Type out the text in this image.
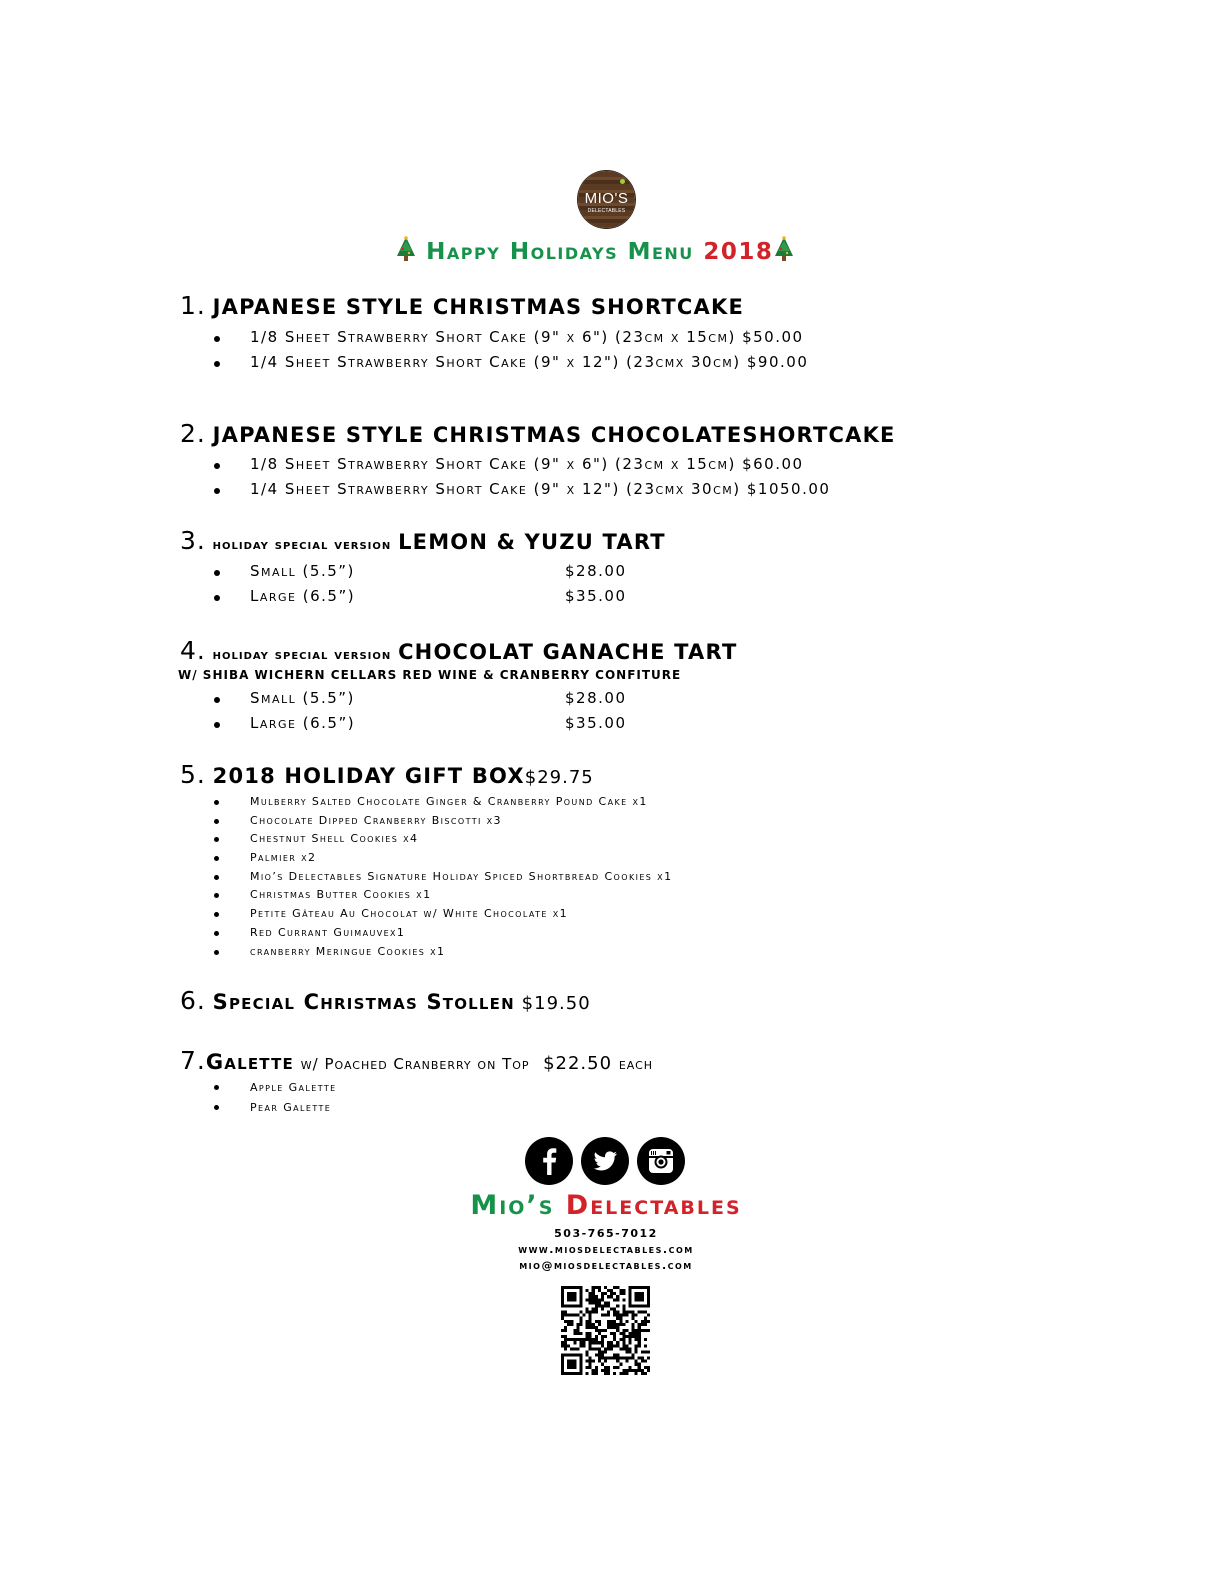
MIO'S
DELECTABLES
Happy Holidays Menu 2018
1. JAPANESE STYLE CHRISTMAS SHORTCAKE
1/8 Sheet Strawberry Short Cake (9" x 6") (23cm x 15cm) $50.00
1/4 Sheet Strawberry Short Cake (9" x 12") (23cmx 30cm) $90.00
2. JAPANESE STYLE CHRISTMAS CHOCOLATESHORTCAKE
1/8 Sheet Strawberry Short Cake (9" x 6") (23cm x 15cm) $60.00
1/4 Sheet Strawberry Short Cake (9" x 12") (23cmx 30cm) $1050.00
3. holiday special version LEMON & YUZU TART
Small (5.5”)	$28.00
Large (6.5”)	$35.00
4. holiday special version CHOCOLAT GANACHE TART
W/ SHIBA WICHERN CELLARS RED WINE & CRANBERRY CONFITURE
Small (5.5”)	$28.00
Large (6.5”)	$35.00
5. 2018 HOLIDAY GIFT BOX$29.75
Mulberry Salted Chocolate Ginger & Cranberry Pound Cake x1
Chocolate Dipped Cranberry Biscotti x3
Chestnut Shell Cookies x4
Palmier x2
Mio’s Delectables Signature Holiday Spiced Shortbread Cookies x1
Christmas Butter Cookies x1
Petite Gâteau Au Chocolat w/ White Chocolate x1
Red Currant Guimauvex1
cranberry Meringue Cookies x1
6. Special Christmas Stollen $19.50
7.Galette w/ Poached Cranberry on Top $22.50 each
Apple Galette
Pear Galette
Mio’s Delectables
503-765-7012
www.miosdelectables.com
mio@miosdelectables.com
